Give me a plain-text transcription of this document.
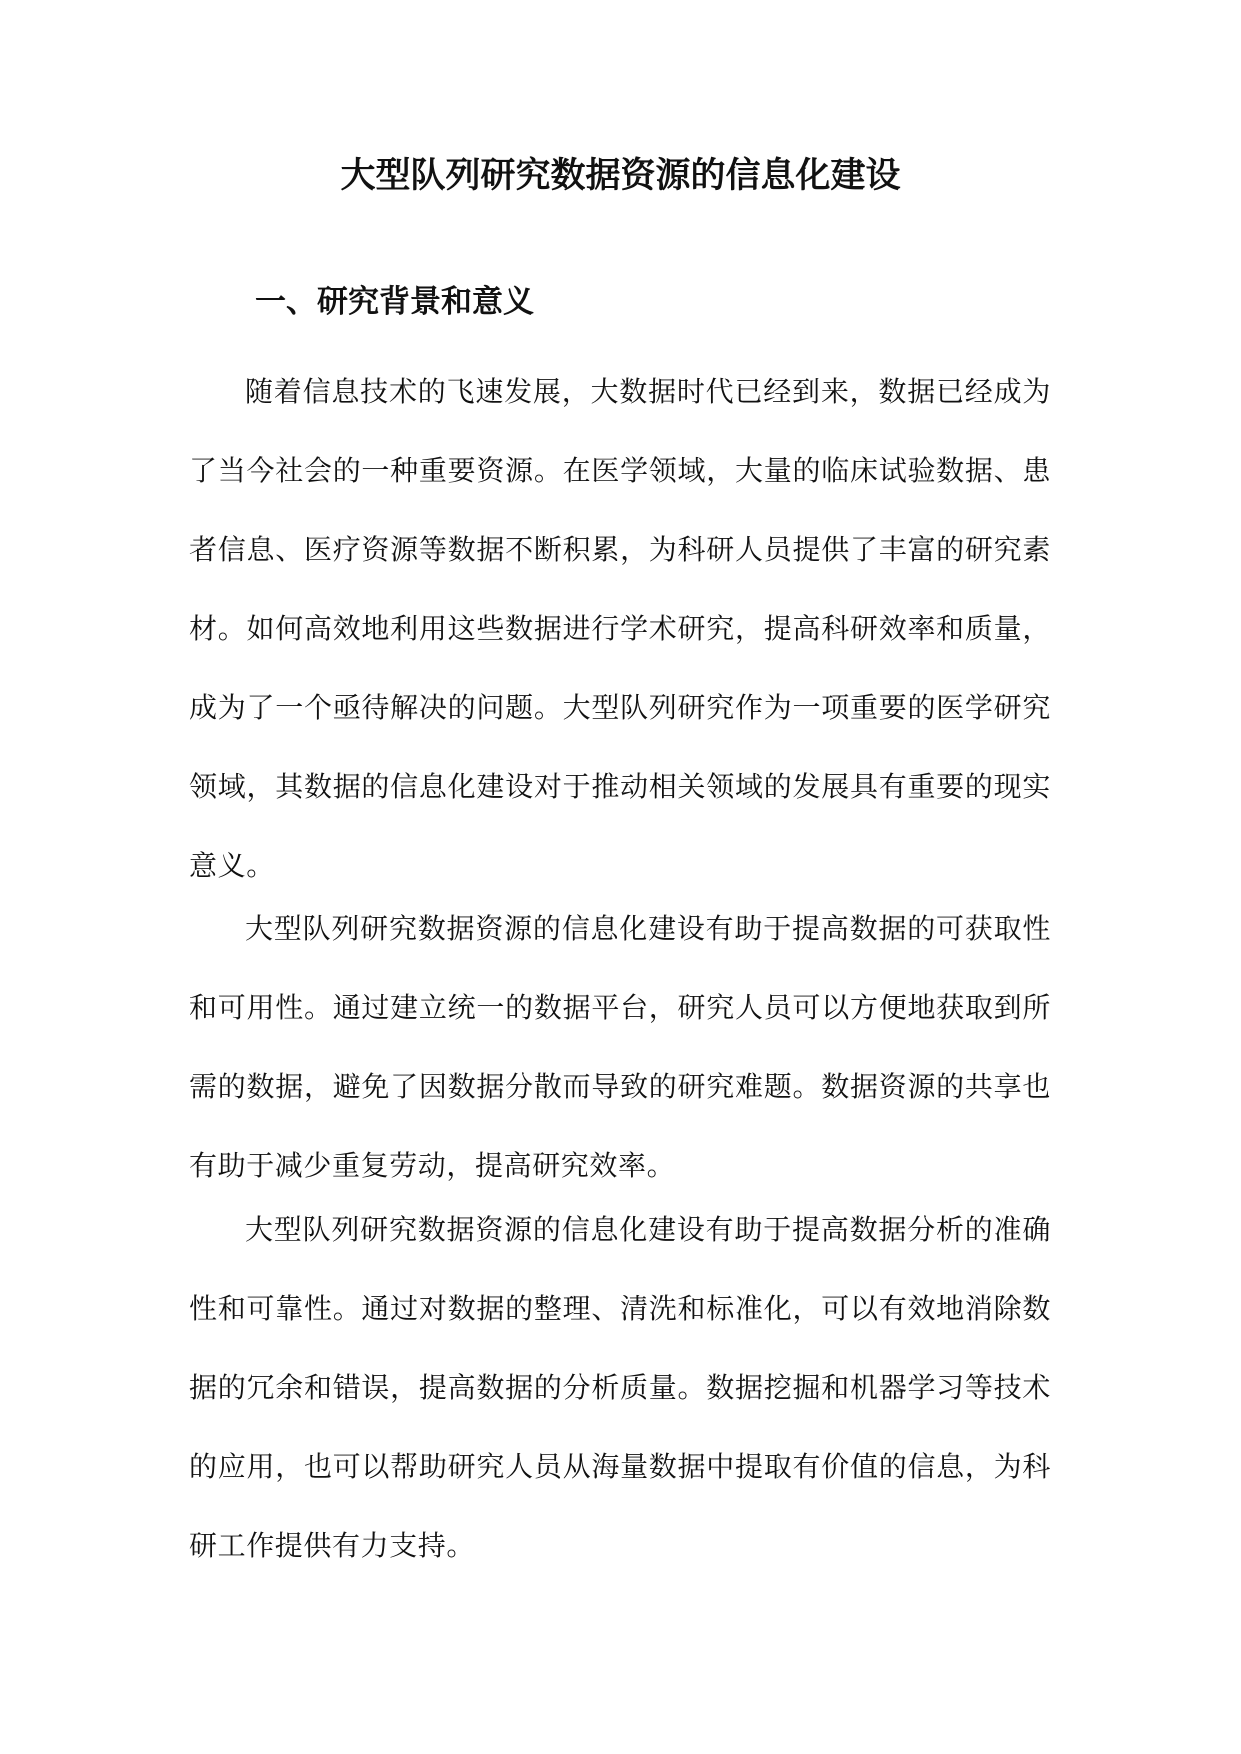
大型队列研究数据资源的信息化建设
一、研究背景和意义

随着信息技术的飞速发展，大数据时代已经到来，数据已经成为了当今社会的一种重要资源。在医学领域，大量的临床试验数据、患者信息、医疗资源等数据不断积累，为科研人员提供了丰富的研究素材。如何高效地利用这些数据进行学术研究，提高科研效率和质量，成为了一个亟待解决的问题。大型队列研究作为一项重要的医学研究领域，其数据的信息化建设对于推动相关领域的发展具有重要的现实意义。

大型队列研究数据资源的信息化建设有助于提高数据的可获取性和可用性。通过建立统一的数据平台，研究人员可以方便地获取到所需的数据，避免了因数据分散而导致的研究难题。数据资源的共享也有助于减少重复劳动，提高研究效率。

大型队列研究数据资源的信息化建设有助于提高数据分析的准确性和可靠性。通过对数据的整理、清洗和标准化，可以有效地消除数据的冗余和错误，提高数据的分析质量。数据挖掘和机器学习等技术的应用，也可以帮助研究人员从海量数据中提取有价值的信息，为科研工作提供有力支持。
